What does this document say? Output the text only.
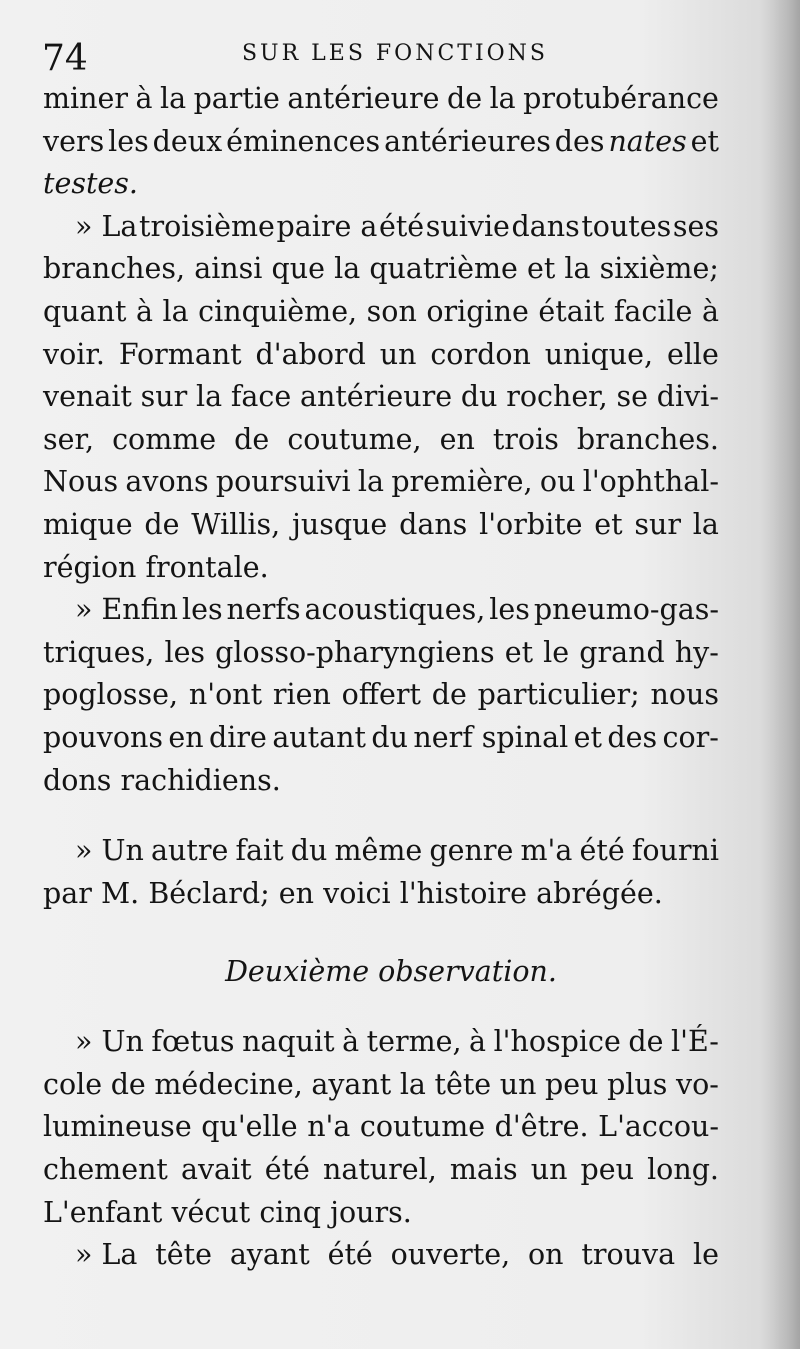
74	SUR LES FONCTIONS
miner à la partie antérieure de la protubérance
vers les deux éminences antérieures des nates et
testes.
» La troisième paire a été suivie dans toutes ses
branches, ainsi que la quatrième et la sixième;
quant à la cinquième, son origine était facile à
voir. Formant d'abord un cordon unique, elle
venait sur la face antérieure du rocher, se divi-
ser, comme de coutume, en trois branches.
Nous avons poursuivi la première, ou l'ophthal-
mique de Willis, jusque dans l'orbite et sur la
région frontale.
» Enfin les nerfs acoustiques, les pneumo-gas-
triques, les glosso-pharyngiens et le grand hy-
poglosse, n'ont rien offert de particulier; nous
pouvons en dire autant du nerf spinal et des cor-
dons rachidiens.
» Un autre fait du même genre m'a été fourni
par M. Béclard; en voici l'histoire abrégée.
Deuxième observation.
» Un fœtus naquit à terme, à l'hospice de l'É-
cole de médecine, ayant la tête un peu plus vo-
lumineuse qu'elle n'a coutume d'être. L'accou-
chement avait été naturel, mais un peu long.
L'enfant vécut cinq jours.
» La tête ayant été ouverte, on trouva le
